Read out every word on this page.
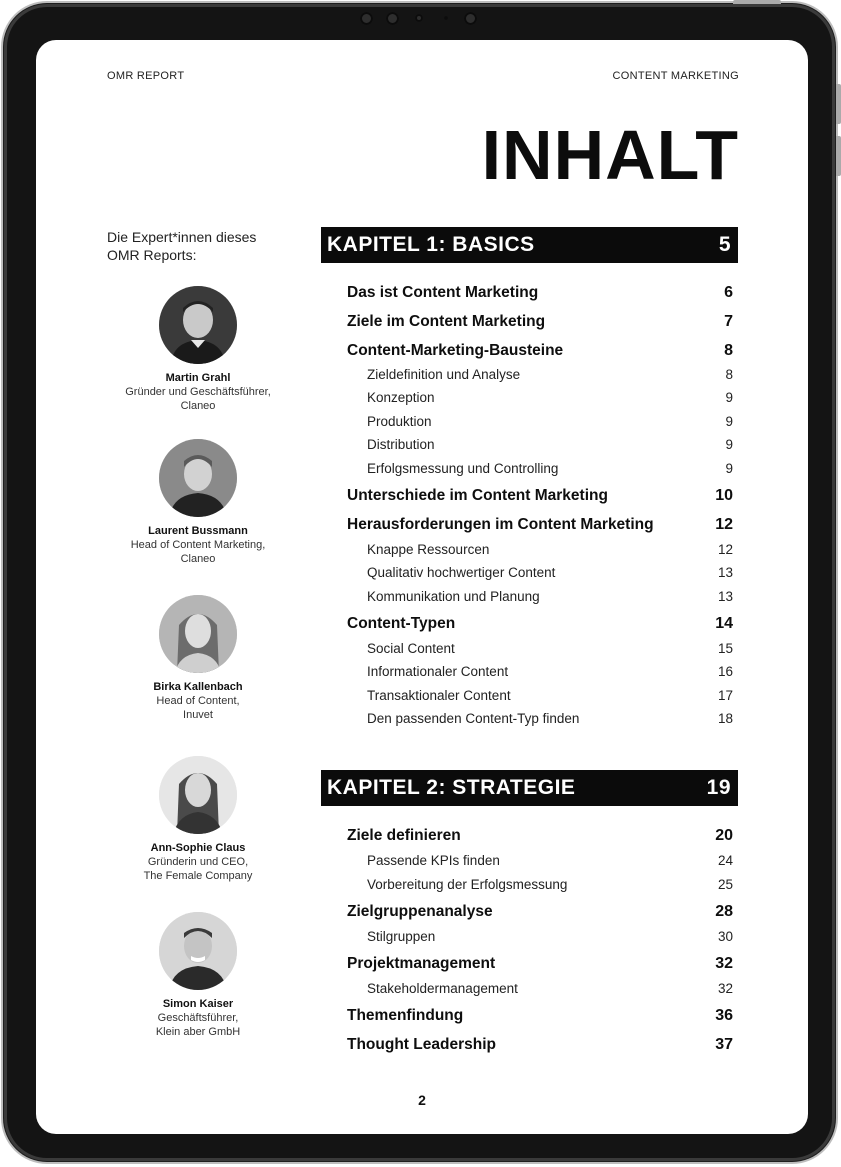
OMR REPORT	CONTENT MARKETING
INHALT
Die Expert*innen dieses OMR Reports:
Martin Grahl
Gründer und Geschäftsführer,
Claneo
Laurent Bussmann
Head of Content Marketing,
Claneo
Birka Kallenbach
Head of Content,
Inuvet
Ann-Sophie Claus
Gründerin und CEO,
The Female Company
Simon Kaiser
Geschäftsführer,
Klein aber GmbH
KAPITEL 1: BASICS	5
Das ist Content Marketing	6
Ziele im Content Marketing	7
Content-Marketing-Bausteine	8
Zieldefinition und Analyse	8
Konzeption	9
Produktion	9
Distribution	9
Erfolgsmessung und Controlling	9
Unterschiede im Content Marketing	10
Herausforderungen im Content Marketing	12
Knappe Ressourcen	12
Qualitativ hochwertiger Content	13
Kommunikation und Planung	13
Content-Typen	14
Social Content	15
Informationaler Content	16
Transaktionaler Content	17
Den passenden Content-Typ finden	18
KAPITEL 2: STRATEGIE	19
Ziele definieren	20
Passende KPIs finden	24
Vorbereitung der Erfolgsmessung	25
Zielgruppenanalyse	28
Stilgruppen	30
Projektmanagement	32
Stakeholdermanagement	32
Themenfindung	36
Thought Leadership	37
2
